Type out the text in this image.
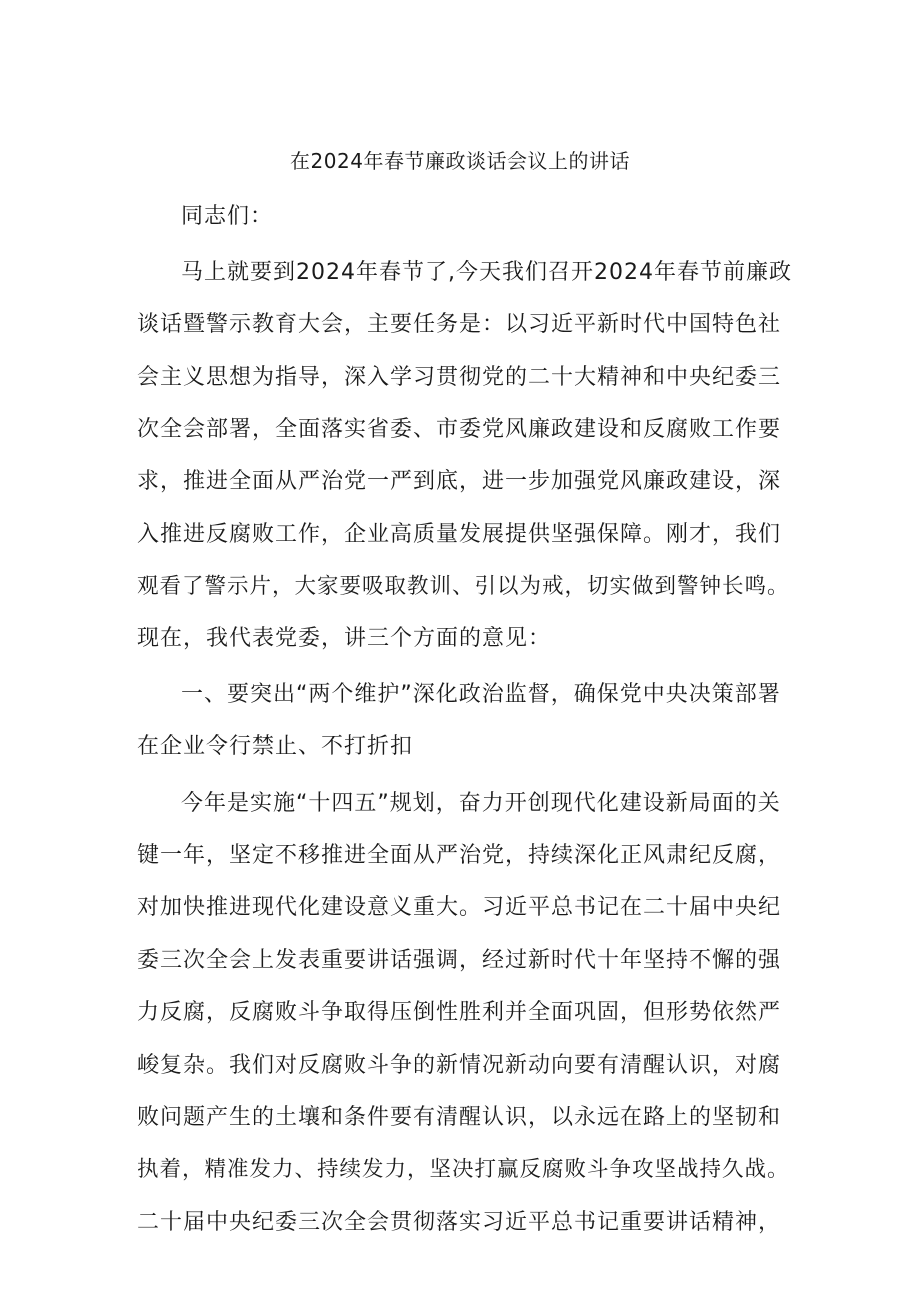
在2024年春节廉政谈话会议上的讲话
同志们：
马上就要到2024年春节了,今天我们召开2024年春节前廉政
谈话暨警示教育大会，主要任务是：以习近平新时代中国特色社
会主义思想为指导，深入学习贯彻党的二十大精神和中央纪委三
次全会部署，全面落实省委、市委党风廉政建设和反腐败工作要
求，推进全面从严治党一严到底，进一步加强党风廉政建设，深
入推进反腐败工作，企业高质量发展提供坚强保障。刚才，我们
观看了警示片，大家要吸取教训、引以为戒，切实做到警钟长鸣。
现在，我代表党委，讲三个方面的意见：
一、要突出“两个维护”深化政治监督，确保党中央决策部署
在企业令行禁止、不打折扣
今年是实施“十四五”规划，奋力开创现代化建设新局面的关
键一年，坚定不移推进全面从严治党，持续深化正风肃纪反腐，
对加快推进现代化建设意义重大。习近平总书记在二十届中央纪
委三次全会上发表重要讲话强调，经过新时代十年坚持不懈的强
力反腐，反腐败斗争取得压倒性胜利并全面巩固，但形势依然严
峻复杂。我们对反腐败斗争的新情况新动向要有清醒认识，对腐
败问题产生的土壤和条件要有清醒认识，以永远在路上的坚韧和
执着，精准发力、持续发力，坚决打赢反腐败斗争攻坚战持久战。
二十届中央纪委三次全会贯彻落实习近平总书记重要讲话精神，
